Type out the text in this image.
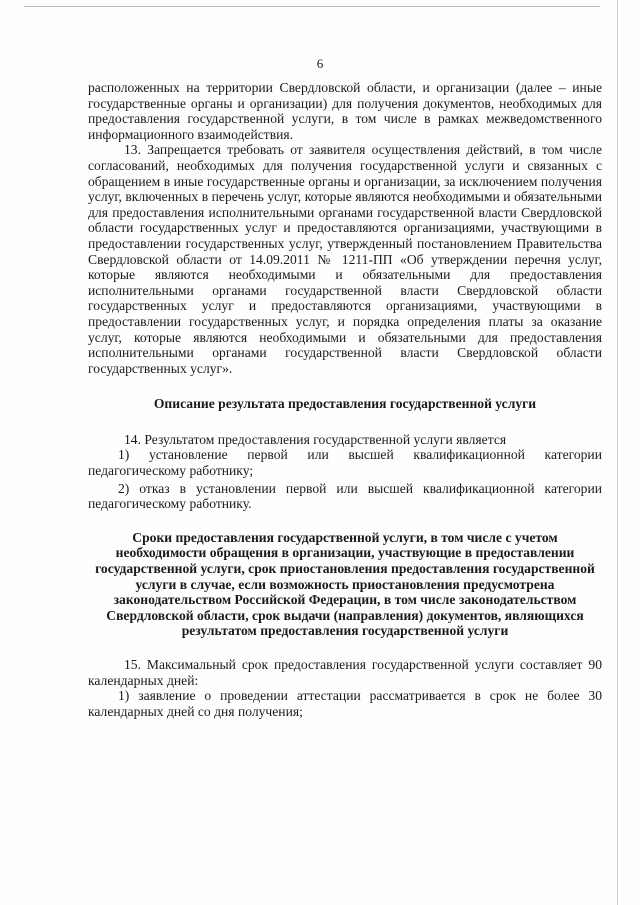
6

расположенных на территории Свердловской области, и организации (далее – иные государственные органы и организации) для получения документов, необходимых для предоставления государственной услуги, в том числе в рамках межведомственного информационного взаимодействия.

13. Запрещается требовать от заявителя осуществления действий, в том числе согласований, необходимых для получения государственной услуги и связанных с обращением в иные государственные органы и организации, за исключением получения услуг, включенных в перечень услуг, которые являются необходимыми и обязательными для предоставления исполнительными органами государственной власти Свердловской области государственных услуг и предоставляются организациями, участвующими в предоставлении государственных услуг, утвержденный постановлением Правительства Свердловской области от 14.09.2011 № 1211-ПП «Об утверждении перечня услуг, которые являются необходимыми и обязательными для предоставления исполнительными органами государственной власти Свердловской области государственных услуг и предоставляются организациями, участвующими в предоставлении государственных услуг, и порядка определения платы за оказание услуг, которые являются необходимыми и обязательными для предоставления исполнительными органами государственной власти Свердловской области государственных услуг».

Описание результата предоставления государственной услуги

14. Результатом предоставления государственной услуги является

1) установление первой или высшей квалификационной категории педагогическому работнику;

2) отказ в установлении первой или высшей квалификационной категории педагогическому работнику.

Сроки предоставления государственной услуги, в том числе с учетом необходимости обращения в организации, участвующие в предоставлении государственной услуги, срок приостановления предоставления государственной услуги в случае, если возможность приостановления предусмотрена законодательством Российской Федерации, в том числе законодательством Свердловской области, срок выдачи (направления) документов, являющихся результатом предоставления государственной услуги

15. Максимальный срок предоставления государственной услуги составляет 90 календарных дней:

1) заявление о проведении аттестации рассматривается в срок не более 30 календарных дней со дня получения;
